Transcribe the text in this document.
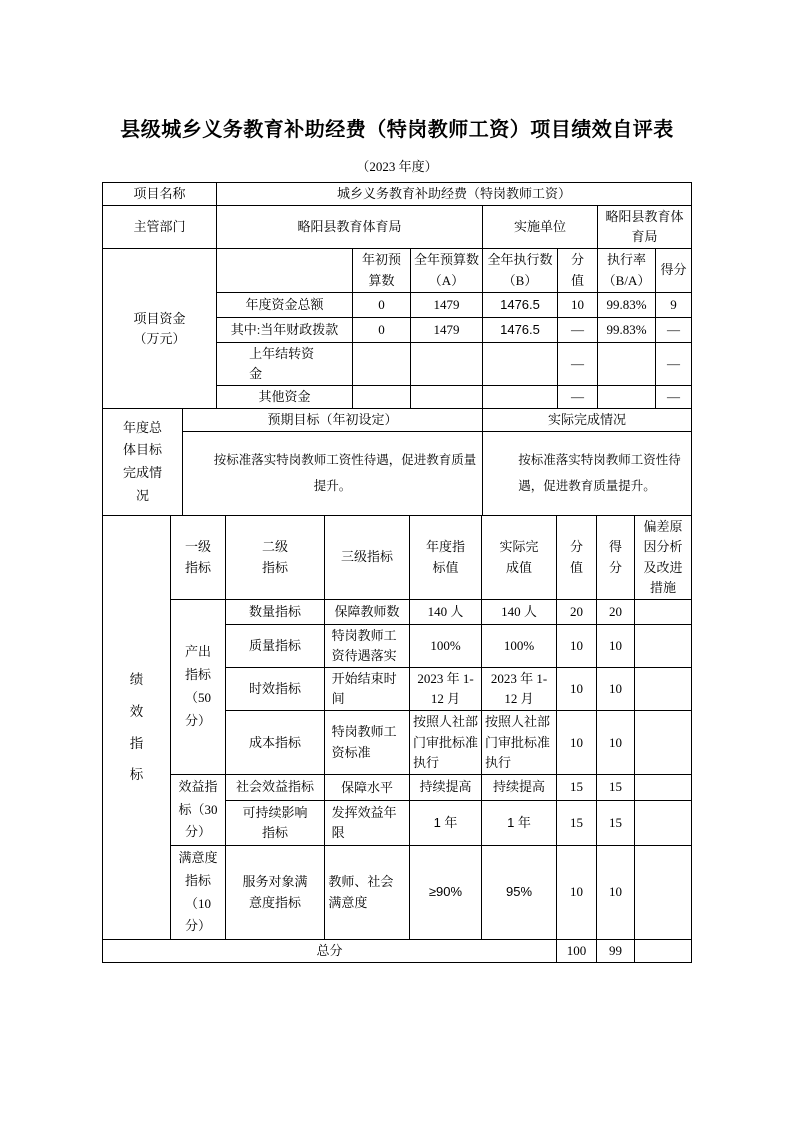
县级城乡义务教育补助经费（特岗教师工资）项目绩效自评表
（2023 年度）
项目名称	城乡义务教育补助经费（特岗教师工资）		
主管部门	略阳县教育体育局	实施单位	略阳县教育体育局
项目资金（万元）		年初预算数	全年预算数（A）	全年执行数（B）	分值	执行率（B/A）	得分
	年度资金总额	0	1479	1476.5	10	99.83%	9
	其中:当年财政拨款	0	1479	1476.5	—	99.83%	—
	上年结转资金				—		—
	其他资金				—		—
年度总体目标完成情况	预期目标（年初设定）	实际完成情况

	按标准落实特岗教师工资性待遇，促进教育质量提升。	按标准落实特岗教师工资性待遇，促进教育质量提升。
绩效指标	一级指标	二级指标	三级指标	年度指标值	实际完成值	分值	得分	偏差原因分析及改进措施
	产出指标（50 分）	数量指标	保障教师数	140 人	140 人	20	20	
		质量指标	特岗教师工资待遇落实	100%	100%	10	10	
		时效指标	开始结束时间	2023 年 1-12 月	2023 年 1-12 月	10	10	
		成本指标	特岗教师工资标准	按照人社部门审批标准执行	按照人社部门审批标准执行	10	10	
	效益指标（30 分）	社会效益指标	保障水平	持续提高	持续提高	15	15	
		可持续影响指标	发挥效益年限	1 年	1 年	15	15	
	满意度指标（10 分）	服务对象满意度指标	教师、社会满意度	≥90%	95%	10	10	
总分						100	99	
